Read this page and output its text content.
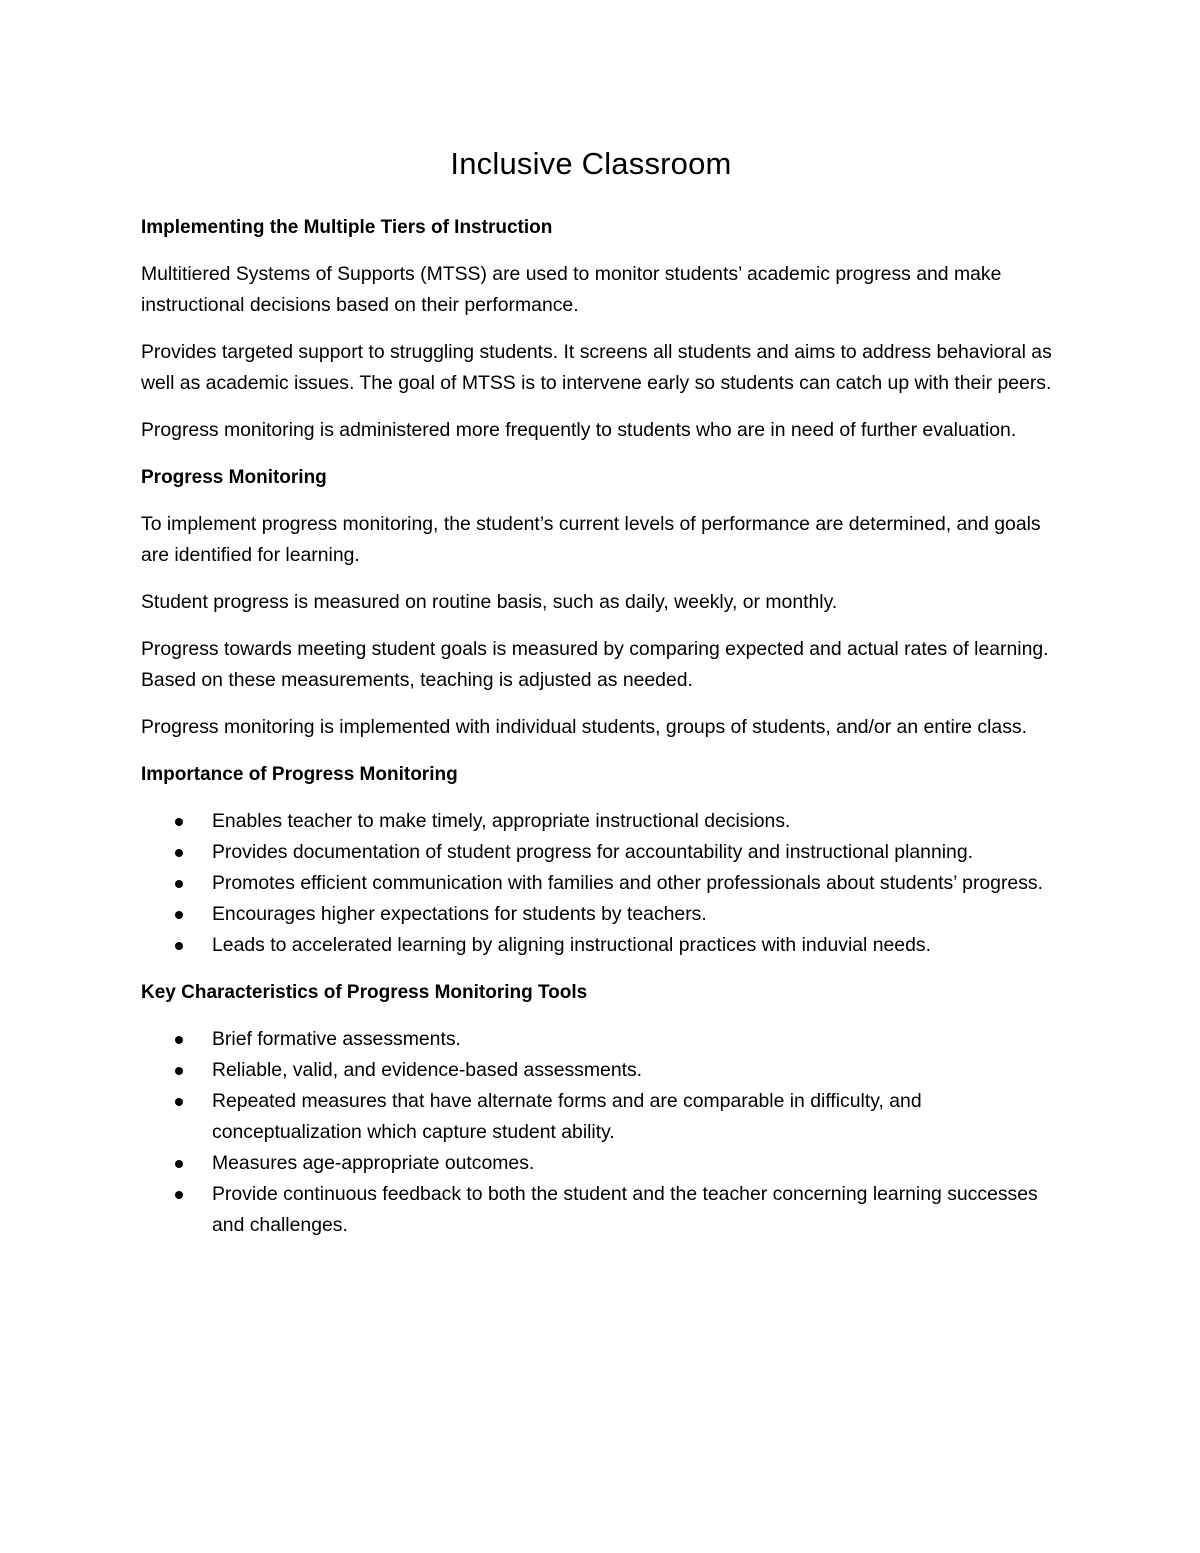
Inclusive Classroom
Implementing the Multiple Tiers of Instruction

Multitiered Systems of Supports (MTSS) are used to monitor students’ academic progress and make instructional decisions based on their performance.

Provides targeted support to struggling students. It screens all students and aims to address behavioral as well as academic issues. The goal of MTSS is to intervene early so students can catch up with their peers.

Progress monitoring is administered more frequently to students who are in need of further evaluation.

Progress Monitoring

To implement progress monitoring, the student’s current levels of performance are determined, and goals are identified for learning.

Student progress is measured on routine basis, such as daily, weekly, or monthly.

Progress towards meeting student goals is measured by comparing expected and actual rates of learning. Based on these measurements, teaching is adjusted as needed.

Progress monitoring is implemented with individual students, groups of students, and/or an entire class.

Importance of Progress Monitoring
Enables teacher to make timely, appropriate instructional decisions.
Provides documentation of student progress for accountability and instructional planning.
Promotes efficient communication with families and other professionals about students’ progress.
Encourages higher expectations for students by teachers.
Leads to accelerated learning by aligning instructional practices with induvial needs.
Key Characteristics of Progress Monitoring Tools
Brief formative assessments.
Reliable, valid, and evidence-based assessments.
Repeated measures that have alternate forms and are comparable in difficulty, and conceptualization which capture student ability.
Measures age-appropriate outcomes.
Provide continuous feedback to both the student and the teacher concerning learning successes and challenges.
